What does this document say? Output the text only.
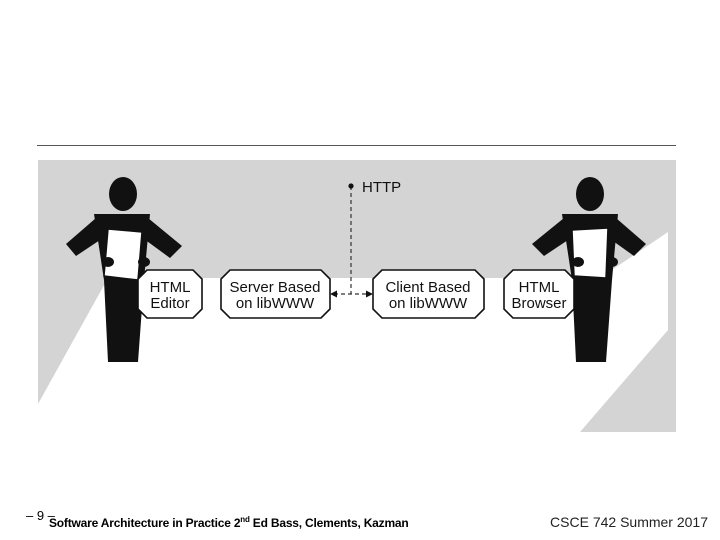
HTTP
HTML
Editor
Server Based
on libWWW
Client Based
on libWWW
HTML
Browser
– 9 –
Software Architecture in Practice 2nd Ed Bass, Clements, Kazman	CSCE 742 Summer 2017
